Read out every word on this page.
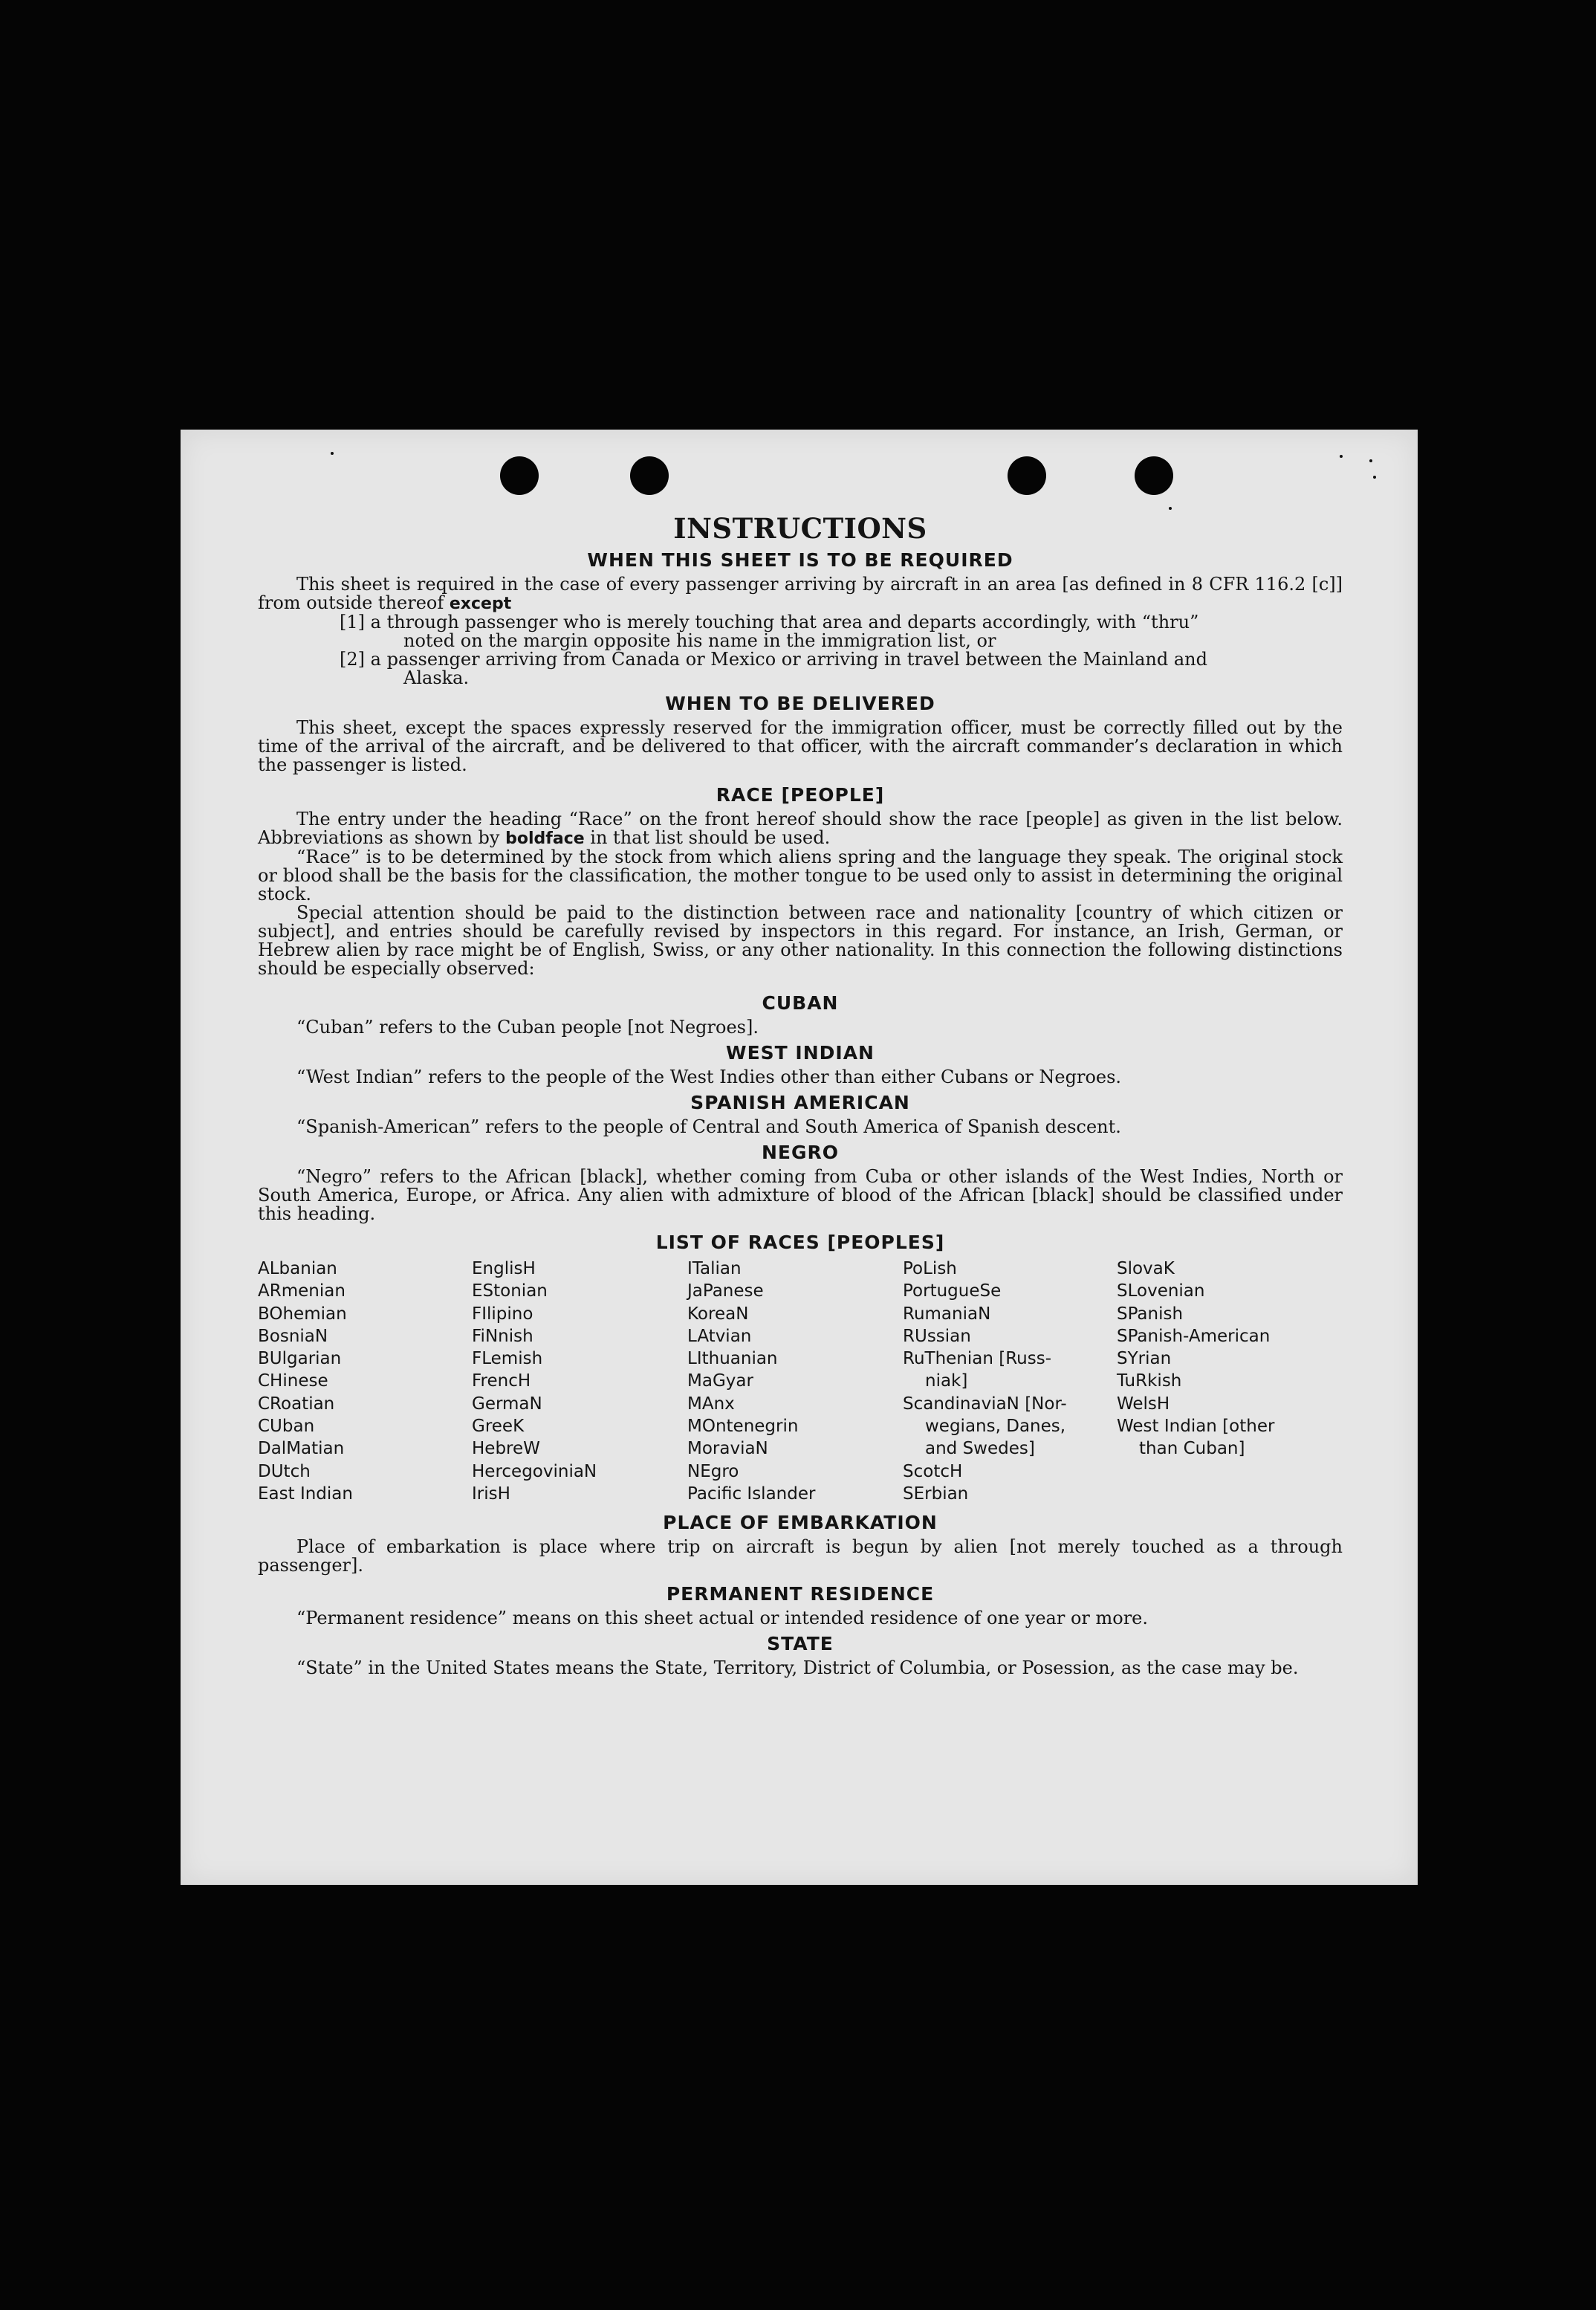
INSTRUCTIONS
WHEN THIS SHEET IS TO BE REQUIRED

This sheet is required in the case of every passenger arriving by aircraft in an area [as defined in 8 CFR 116.2 [c]] from outside thereof except

[1] a through passenger who is merely touching that area and departs accordingly, with “thru”
noted on the margin opposite his name in the immigration list, or
[2] a passenger arriving from Canada or Mexico or arriving in travel between the Mainland and
Alaska.
WHEN TO BE DELIVERED

This sheet, except the spaces expressly reserved for the immigration officer, must be correctly filled out by the time of the arrival of the aircraft, and be delivered to that officer, with the aircraft commander’s declaration in which the passenger is listed.

RACE [PEOPLE]

The entry under the heading “Race” on the front hereof should show the race [people] as given in the list below. Abbreviations as shown by boldface in that list should be used.

“Race” is to be determined by the stock from which aliens spring and the language they speak. The original stock or blood shall be the basis for the classification, the mother tongue to be used only to assist in determining the original stock.

Special attention should be paid to the distinction between race and nationality [country of which citizen or subject], and entries should be carefully revised by inspectors in this regard. For instance, an Irish, German, or Hebrew alien by race might be of English, Swiss, or any other nationality. In this connection the following distinctions should be especially observed:

CUBAN

“Cuban” refers to the Cuban people [not Negroes].

WEST INDIAN

“West Indian” refers to the people of the West Indies other than either Cubans or Negroes.

SPANISH AMERICAN

“Spanish-American” refers to the people of Central and South America of Spanish descent.

NEGRO

“Negro” refers to the African [black], whether coming from Cuba or other islands of the West Indies, North or South America, Europe, or Africa. Any alien with admixture of blood of the African [black] should be classified under this heading.

LIST OF RACES [PEOPLES]
ALbanian	EnglisH	ITalian	PoLish	SlovaK
ARmenian	EStonian	JaPanese	PortugueSe	SLovenian
BOhemian	FIlipino	KoreaN	RumaniaN	SPanish
BosniaN	FiNnish	LAtvian	RUssian	SPanish-American
BUlgarian	FLemish	LIthuanian	RuThenian [Russ-	SYrian
CHinese	FrencH	MaGyar	niak]	TuRkish
CRoatian	GermaN	MAnx	ScandinaviaN [Nor-	WelsH
CUban	GreeK	MOntenegrin	wegians, Danes,	West Indian [other
DalMatian	HebreW	MoraviaN	and Swedes]	than Cuban]
DUtch	HercegoviniaN	NEgro	ScotcH
East Indian	IrisH	Pacific Islander	SErbian
PLACE OF EMBARKATION

Place of embarkation is place where trip on aircraft is begun by alien [not merely touched as a through passenger].

PERMANENT RESIDENCE

“Permanent residence” means on this sheet actual or intended residence of one year or more.

STATE

“State” in the United States means the State, Territory, District of Columbia, or Posession, as the case may be.
